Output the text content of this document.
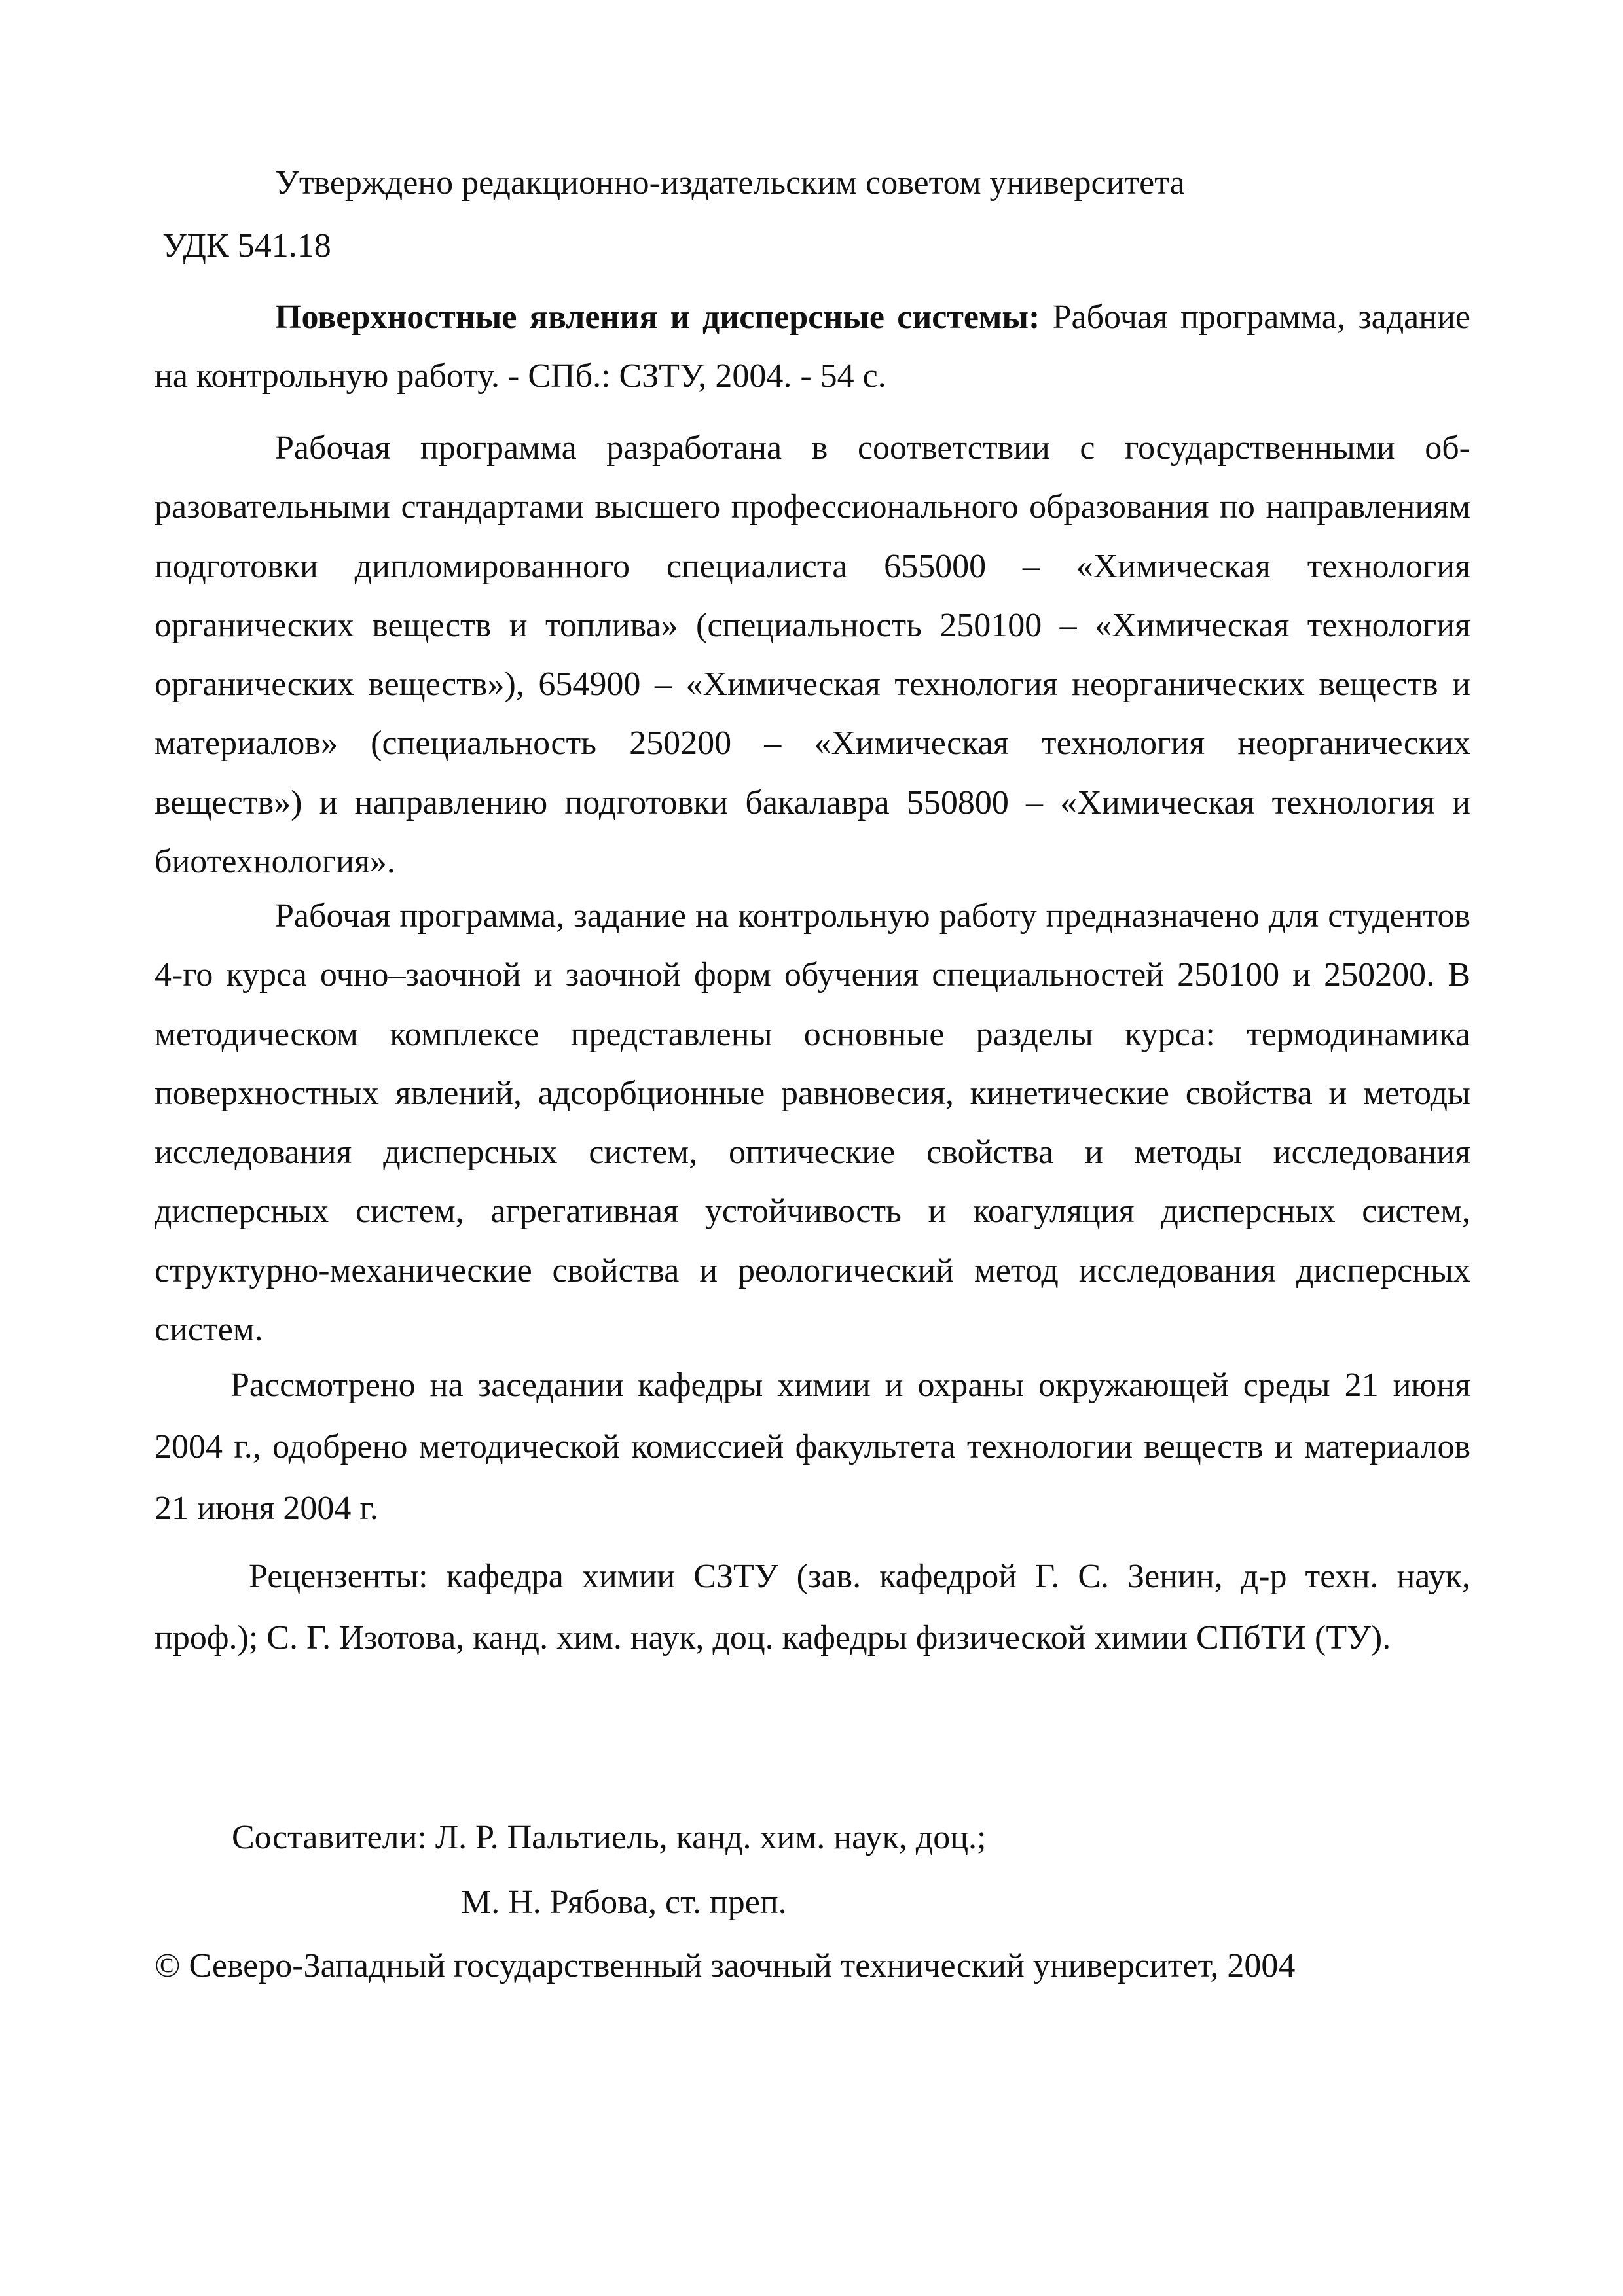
Утверждено редакционно-издательским советом университета
УДК 541.18
Поверхностные явления и дисперсные системы: Рабочая программа, задание на контрольную работу. - СПб.: СЗТУ, 2004. - 54 с.
Рабочая программа разработана в соответствии с государственными образовательными стандартами высшего профессионального образования по направлениям подготовки дипломированного специалиста 655000 – «Химическая технология органических веществ и топлива» (специальность 250100 – «Химическая технология органических веществ»), 654900 – «Химическая технология неорганических веществ и материалов» (специальность 250200 – «Химическая технология неорганических веществ») и направлению подготовки бакалавра 550800 – «Химическая технология и биотехнология».
Рабочая программа, задание на контрольную работу предназначено для студентов 4-го курса очно–заочной и заочной форм обучения специальностей 250100 и 250200. В методическом комплексе представлены основные разделы курса: термодинамика поверхностных явлений, адсорбционные равновесия, кинетические свойства и методы исследования дисперсных систем, оптические свойства и методы исследования дисперсных систем, агрегативная устойчивость и коагуляция дисперсных систем, структурно-механические свойства и реологический метод исследования дисперсных систем.
Рассмотрено на заседании кафедры химии и охраны окружающей среды 21 июня 2004 г., одобрено методической комиссией факультета технологии веществ и материалов 21 июня 2004 г.
Рецензенты: кафедра химии СЗТУ (зав. кафедрой Г. С. Зенин, д-р техн. наук, проф.); С. Г. Изотова, канд. хим. наук, доц. кафедры физической химии СПбТИ (ТУ).
Составители: Л. Р. Пальтиель, канд. хим. наук, доц.;
М. Н. Рябова, ст. преп.
© Северо-Западный государственный заочный технический университет, 2004
